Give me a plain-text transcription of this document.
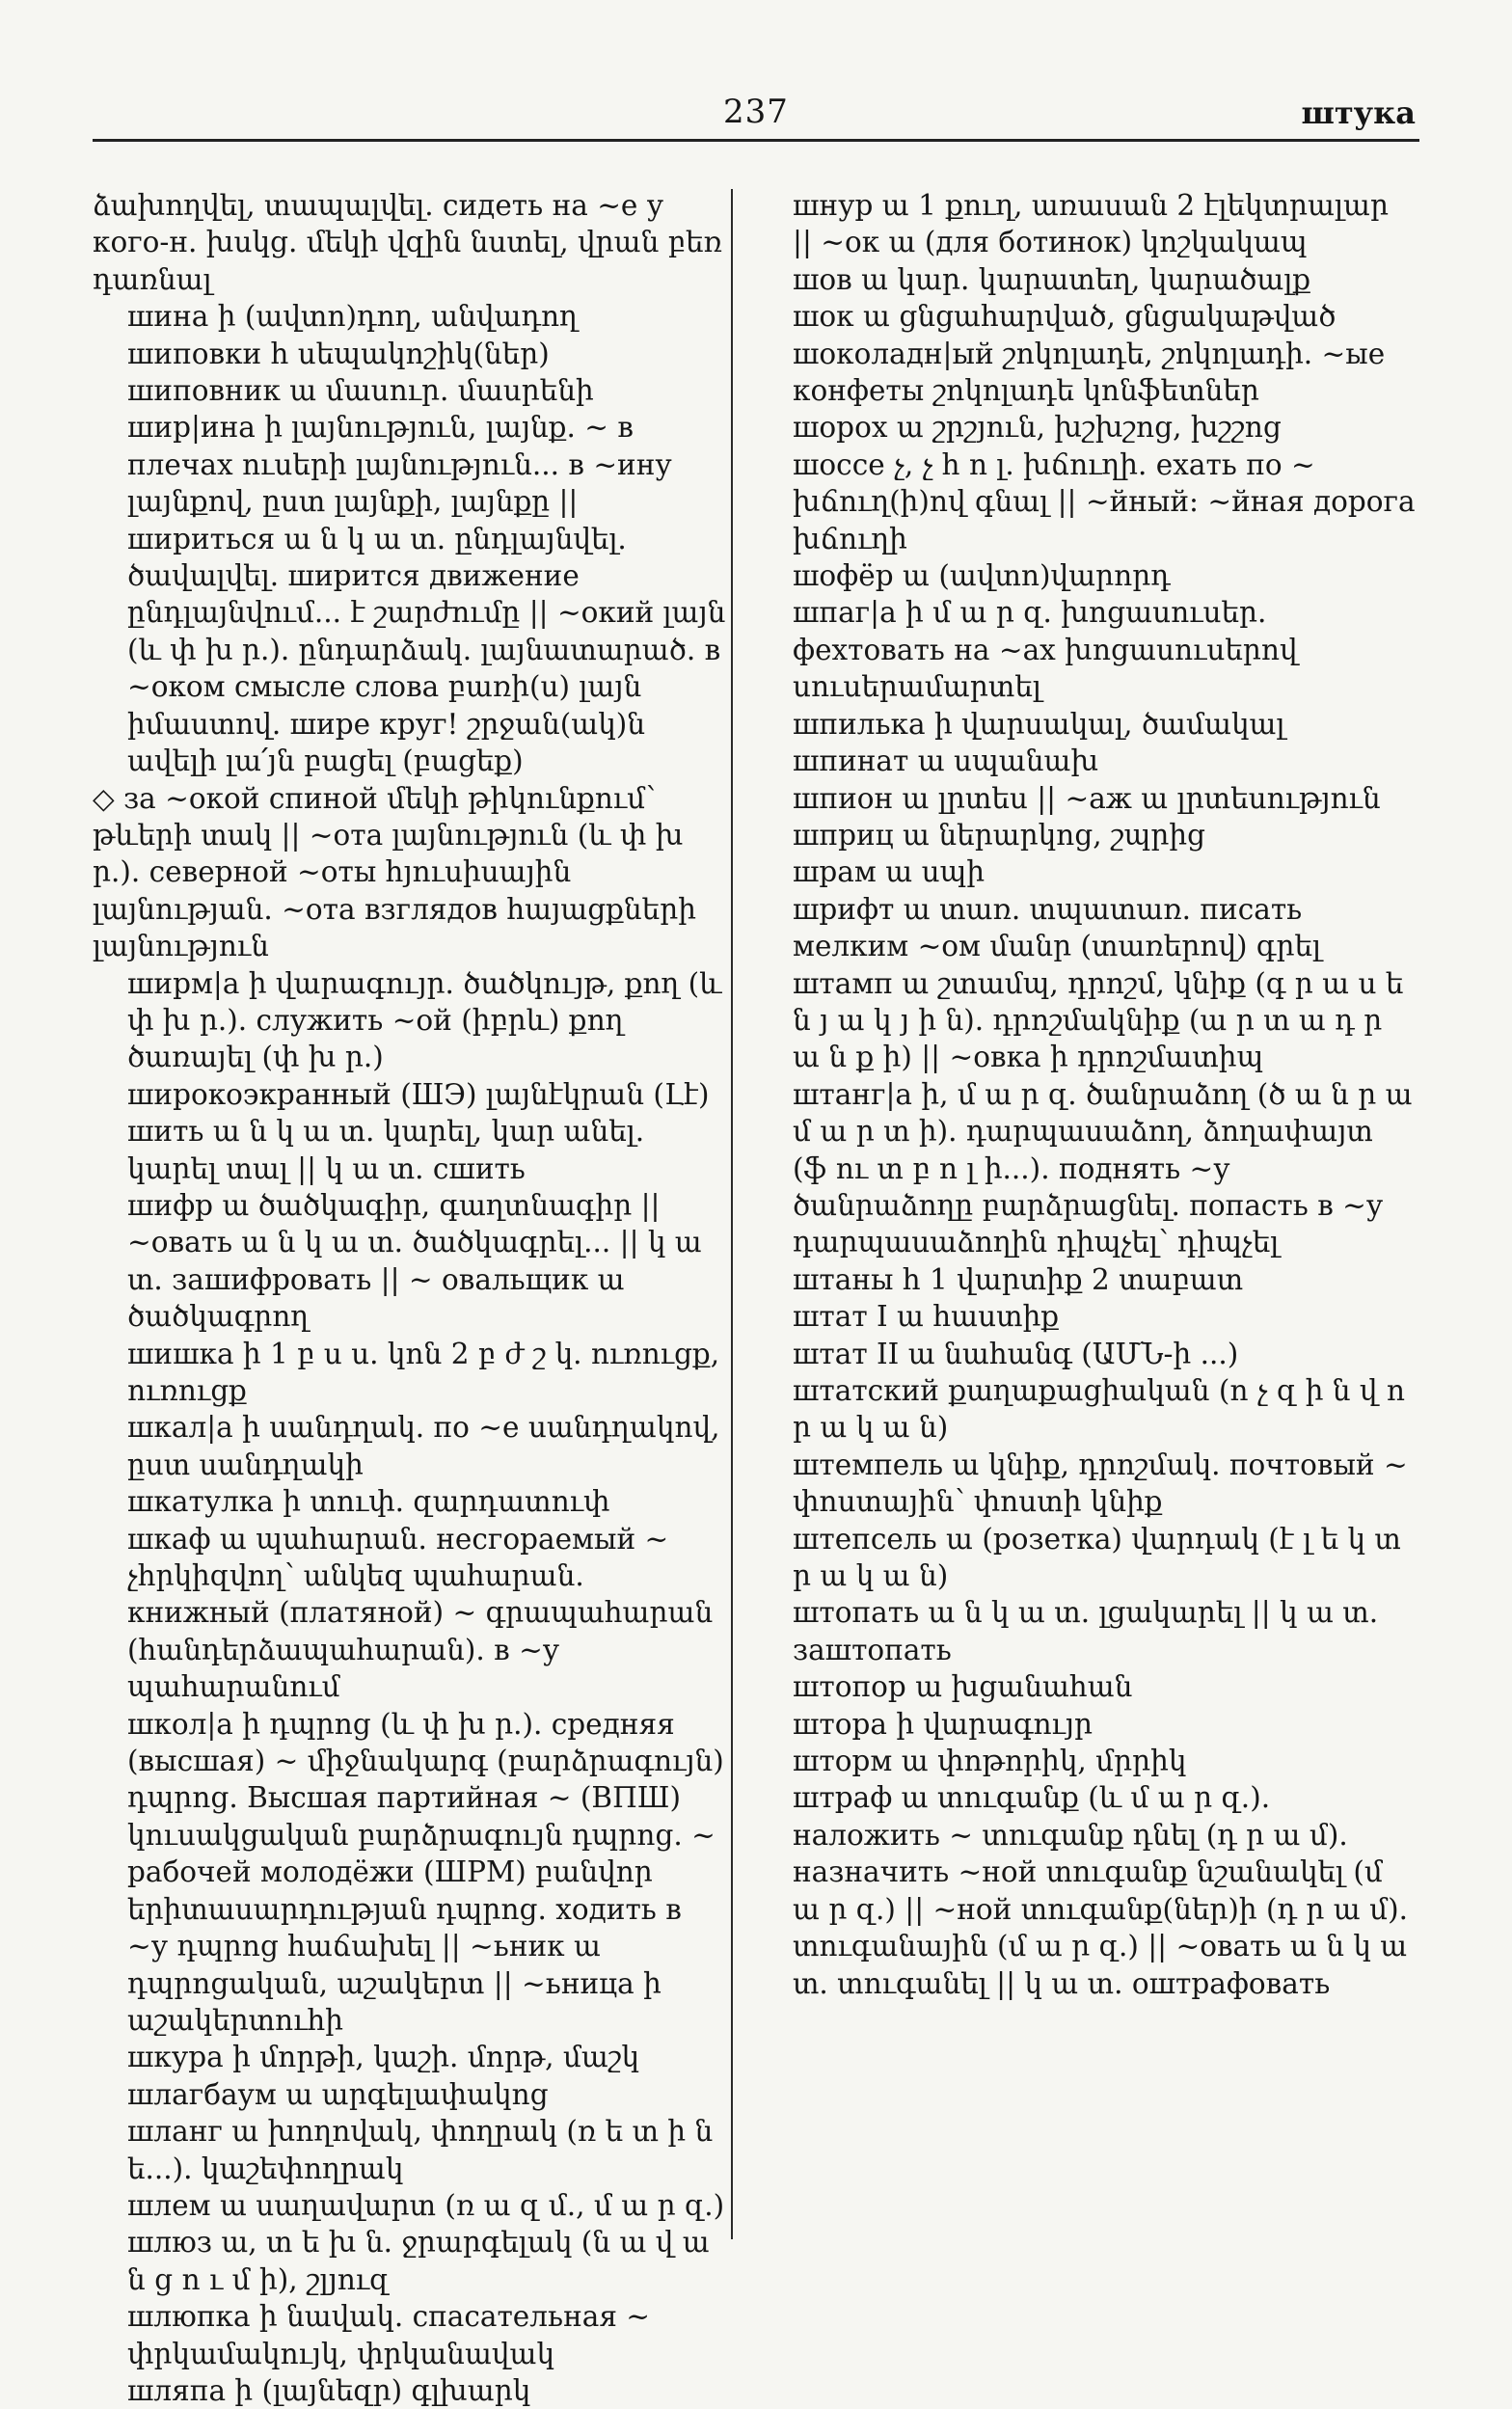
237	штука

ձախողվել, տապալվել. сидеть на ~е у кого-н. խսկց. մեկի վզին նստել, վրան բեռ դառնալ

шина ի (ավտո)դող, անվադող

шиповки հ սեպակոշիկ(ներ)

шиповник ա մասուր. մասրենի

шир|ина ի լայնություն, լայնք. ~ в плечах ուսերի լայնություն... в ~ину լայնքով, ըստ լայնքի, լայնքը || шириться ա ն կ ա տ. ընդլայնվել. ծավալվել. ширится движение ընդլայնվում... է շարժումը || ~окий լայն (և փ խ ր.). ընդարձակ. լայնատարած. в ~оком смысле слова բառի(ս) լայն իմաստով. шире круг! շրջան(ակ)ն ավելի լա՛յն բացել (բացեք)

◇ за ~окой спиной մեկի թիկունքում՝ թևերի տակ || ~ота լայնություն (և փ խ ր.). северной ~оты հյուսիսային լայնության. ~ота взглядов հայացքների լայնություն

ширм|а ի վարագույր. ծածկույթ, քող (և փ խ ր.). служить ~ой (իբրև) քող ծառայել (փ խ ր.)

широкоэкранный (ШЭ) լայնէկրան (Լէ)

шить ա ն կ ա տ. կարել, կար անել. կարել տալ || կ ա տ. сшить

шифр ա ծածկագիր, գաղտնագիր || ~овать ա ն կ ա տ. ծածկագրել... || կ ա տ. зашифровать || ~ овальщик ա ծածկագրող

шишка ի 1 բ ս ս. կոն 2 բ ժ շ կ. ուռուցք, ուռուցք

шкал|а ի սանդղակ. по ~е սանդղակով, ըստ սանդղակի

шкатулка ի տուփ. զարդատուփ

шкаф ա պահարան. несгораемый ~ չհրկիզվող՝ անկեզ պահարան. книжный (платяной) ~ գրապահարան (հանդերձապահարան). в ~у պահարանում

школ|а ի դպրոց (և փ խ ր.). средняя (высшая) ~ միջնակարգ (բարձրագույն) դպրոց. Высшая партийная ~ (ВПШ) կուսակցական բարձրագույն դպրոց. ~ рабочей молодёжи (ШРМ) բանվոր երիտասարդության դպրոց. ходить в ~у դպրոց հաճախել || ~ьник ա դպրոցական, աշակերտ || ~ьница ի աշակերտուհի

шкура ի մորթի, կաշի. մորթ, մաշկ

шлагбаум ա արգելափակոց

шланг ա խողովակ, փողրակ (ռ ե տ ի ն ե...). կաշեփողրակ

шлем ա սաղավարտ (ռ ա զ մ., մ ա ր զ.)

шлюз ա, տ ե խ ն. ջրարգելակ (ն ա վ ա ն ց ո ւ մ ի), շլյուզ

шлюпка ի նավակ. спасательная ~ փրկամակույկ, փրկանավակ

шляпа ի (լայնեզր) գլխարկ

шнур ա 1 քուղ, առասան 2 էլեկտրալար || ~ок ա (для ботинок) կոշկակապ

шов ա կար. կարատեղ, կարածալք

шок ա ցնցահարված, ցնցակաթված

шоколадн|ый շոկոլադե, շոկոլադի. ~ые конфеты շոկոլադե կոնֆետներ

шорох ա շրշյուն, խշխշոց, խշշոց

шоссе չ, չ հ ո լ. խճուղի. ехать по ~ խճուղ(ի)ով գնալ || ~йный: ~йная дорога խճուղի

шофёр ա (ավտո)վարորդ

шпаг|а ի մ ա ր զ. խոցասուսեր. фехтовать на ~ах խոցասուսերով սուսերամարտել

шпилька ի վարսակալ, ծամակալ

шпинат ա սպանախ

шпион ա լրտես || ~аж ա լրտեսություն

шприц ա ներարկոց, շպրից

шрам ա սպի

шрифт ա տառ. տպատառ. писать мелким ~ом մանր (տառերով) գրել

штамп ա շտամպ, դրոշմ, կնիք (գ ր ա ս ե ն յ ա կ յ ի ն). դրոշմակնիք (ա ր տ ա դ ր ա ն ք ի) || ~овка ի դրոշմատիպ

штанг|а ի, մ ա ր զ. ծանրաձող (ծ ա ն ր ա մ ա ր տ ի). դարպասաձող, ձողափայտ (ֆ ու տ բ ո լ ի...). поднять ~у ծանրաձողը բարձրացնել. попасть в ~у դարպասաձողին դիպչել՝ դիպչել

штаны հ 1 վարտիք 2 տաբատ

штат I ա հաստիք

штат II ա նահանգ (ԱՄՆ-ի ...)

штатский քաղաքացիական (ո չ զ ի ն վ ո ր ա կ ա ն)

штемпель ա կնիք, դրոշմակ. почтовый ~ փոստային՝ փոստի կնիք

штепсель ա (розетка) վարդակ (է լ ե կ տ ր ա կ ա ն)

штопать ա ն կ ա տ. լցակարել || կ ա տ. заштопать

штопор ա խցանահան

штора ի վարագույր

шторм ա փոթորիկ, մրրիկ

штраф ա տուգանք (և մ ա ր զ.). наложить ~ տուգանք դնել (դ ր ա մ). назначить ~ной տուգանք նշանակել (մ ա ր զ.) || ~ной տուգանք(ներ)ի (դ ր ա մ). տուգանային (մ ա ր զ.) || ~овать ա ն կ ա տ. տուգանել || կ ա տ. оштрафовать
